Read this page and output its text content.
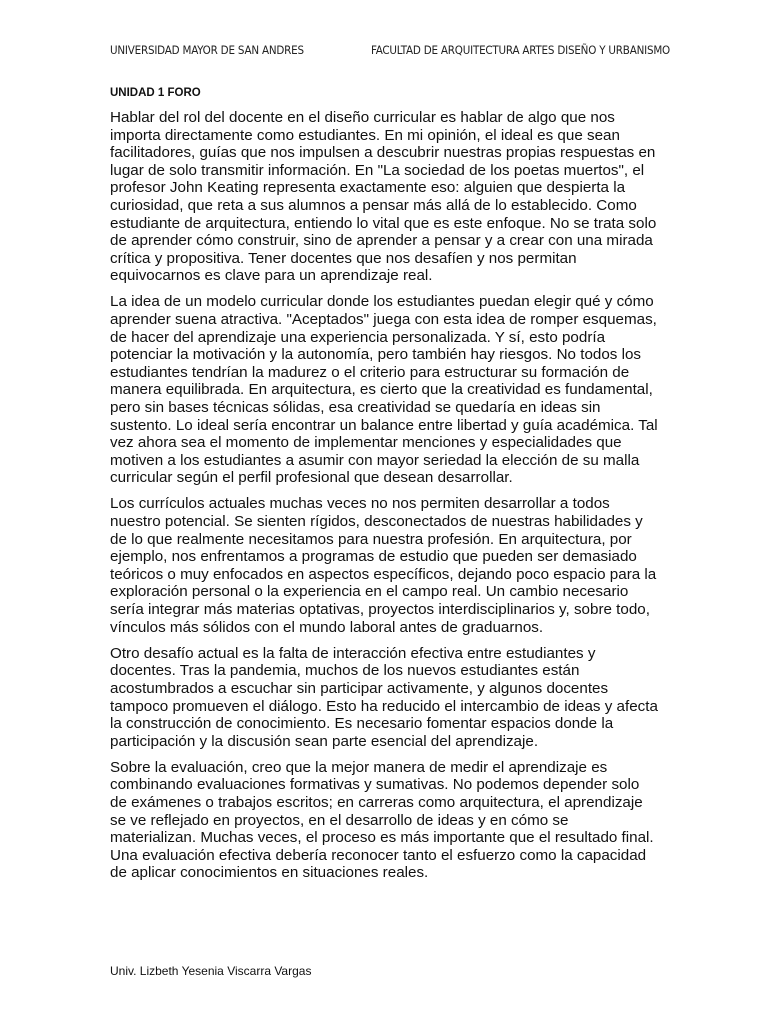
UNIVERSIDAD MAYOR DE SAN ANDRES	FACULTAD DE ARQUITECTURA ARTES DISEÑO Y URBANISMO
UNIDAD 1 FORO

Hablar del rol del docente en el diseño curricular es hablar de algo que nos importa directamente como estudiantes. En mi opinión, el ideal es que sean facilitadores, guías que nos impulsen a descubrir nuestras propias respuestas en lugar de solo transmitir información. En "La sociedad de los poetas muertos", el profesor John Keating representa exactamente eso: alguien que despierta la curiosidad, que reta a sus alumnos a pensar más allá de lo establecido. Como estudiante de arquitectura, entiendo lo vital que es este enfoque. No se trata solo de aprender cómo construir, sino de aprender a pensar y a crear con una mirada crítica y propositiva. Tener docentes que nos desafíen y nos permitan equivocarnos es clave para un aprendizaje real.

La idea de un modelo curricular donde los estudiantes puedan elegir qué y cómo aprender suena atractiva. "Aceptados" juega con esta idea de romper esquemas, de hacer del aprendizaje una experiencia personalizada. Y sí, esto podría potenciar la motivación y la autonomía, pero también hay riesgos. No todos los estudiantes tendrían la madurez o el criterio para estructurar su formación de manera equilibrada. En arquitectura, es cierto que la creatividad es fundamental, pero sin bases técnicas sólidas, esa creatividad se quedaría en ideas sin sustento. Lo ideal sería encontrar un balance entre libertad y guía académica. Tal vez ahora sea el momento de implementar menciones y especialidades que motiven a los estudiantes a asumir con mayor seriedad la elección de su malla curricular según el perfil profesional que desean desarrollar.

Los currículos actuales muchas veces no nos permiten desarrollar a todos nuestro potencial. Se sienten rígidos, desconectados de nuestras habilidades y de lo que realmente necesitamos para nuestra profesión. En arquitectura, por ejemplo, nos enfrentamos a programas de estudio que pueden ser demasiado teóricos o muy enfocados en aspectos específicos, dejando poco espacio para la exploración personal o la experiencia en el campo real. Un cambio necesario sería integrar más materias optativas, proyectos interdisciplinarios y, sobre todo, vínculos más sólidos con el mundo laboral antes de graduarnos.

Otro desafío actual es la falta de interacción efectiva entre estudiantes y docentes. Tras la pandemia, muchos de los nuevos estudiantes están acostumbrados a escuchar sin participar activamente, y algunos docentes tampoco promueven el diálogo. Esto ha reducido el intercambio de ideas y afecta la construcción de conocimiento. Es necesario fomentar espacios donde la participación y la discusión sean parte esencial del aprendizaje.

Sobre la evaluación, creo que la mejor manera de medir el aprendizaje es combinando evaluaciones formativas y sumativas. No podemos depender solo de exámenes o trabajos escritos; en carreras como arquitectura, el aprendizaje se ve reflejado en proyectos, en el desarrollo de ideas y en cómo se materializan. Muchas veces, el proceso es más importante que el resultado final. Una evaluación efectiva debería reconocer tanto el esfuerzo como la capacidad de aplicar conocimientos en situaciones reales.

Univ. Lizbeth Yesenia Viscarra Vargas
